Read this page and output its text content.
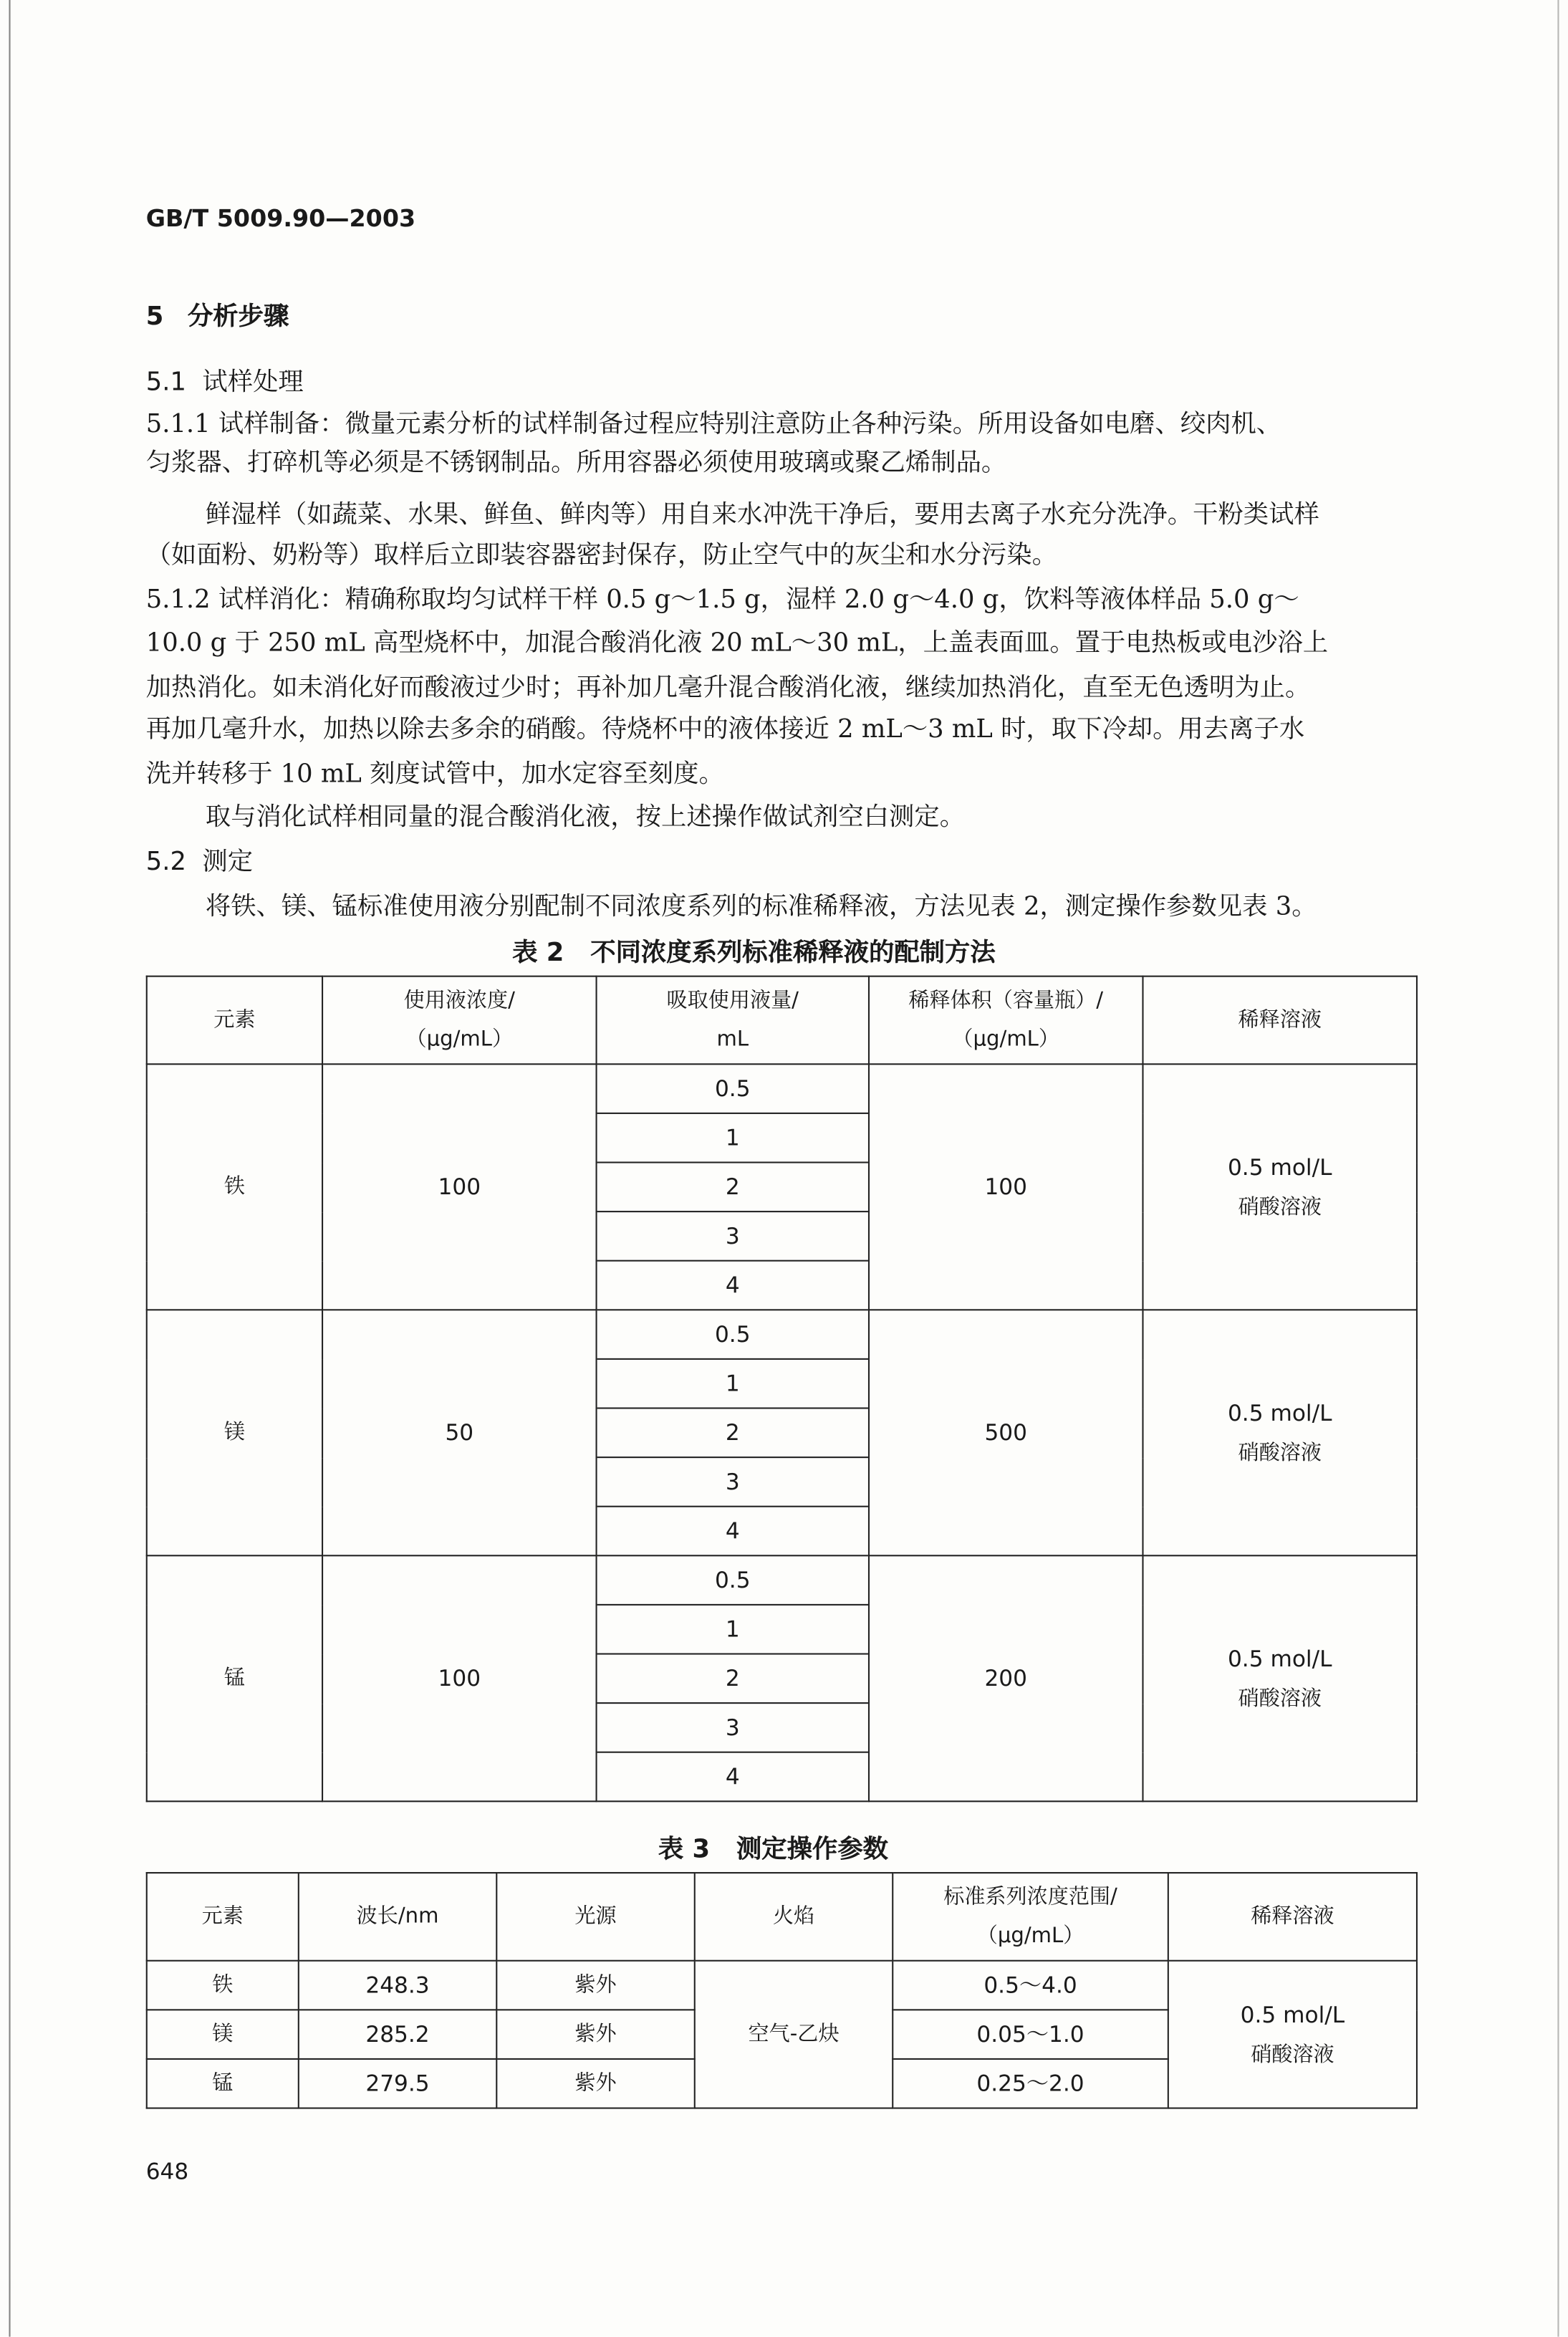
GB/T 5009.90—2003
5 分析步骤
5.1  试样处理
5.1.1 试样制备：微量元素分析的试样制备过程应特别注意防止各种污染。所用设备如电磨、绞肉机、
匀浆器、打碎机等必须是不锈钢制品。所用容器必须使用玻璃或聚乙烯制品。
鲜湿样（如蔬菜、水果、鲜鱼、鲜肉等）用自来水冲洗干净后，要用去离子水充分洗净。干粉类试样
（如面粉、奶粉等）取样后立即装容器密封保存，防止空气中的灰尘和水分污染。
5.1.2 试样消化：精确称取均匀试样干样 0.5 g～1.5 g，湿样 2.0 g～4.0 g，饮料等液体样品 5.0 g～
10.0 g 于 250 mL 高型烧杯中，加混合酸消化液 20 mL～30 mL，上盖表面皿。置于电热板或电沙浴上
加热消化。如未消化好而酸液过少时；再补加几毫升混合酸消化液，继续加热消化，直至无色透明为止。
再加几毫升水，加热以除去多余的硝酸。待烧杯中的液体接近 2 mL～3 mL 时，取下冷却。用去离子水
洗并转移于 10 mL 刻度试管中，加水定容至刻度。
取与消化试样相同量的混合酸消化液，按上述操作做试剂空白测定。
5.2  测定
将铁、镁、锰标准使用液分别配制不同浓度系列的标准稀释液，方法见表 2，测定操作参数见表 3。
表 2   不同浓度系列标准稀释液的配制方法
元素	使用液浓度/
（μg/mL）	吸取使用液量/
mL	稀释体积（容量瓶）/
（μg/mL）	稀释溶液
铁	100	0.5	100	0.5 mol/L
硝酸溶液
		1		
		2		
		3		
		4		
镁	50	0.5	500	0.5 mol/L
硝酸溶液
		1		
		2		
		3		
		4		
锰	100	0.5	200	0.5 mol/L
硝酸溶液
		1		
		2		
		3		
		4		
表 3   测定操作参数
元素	波长/nm	光源	火焰	标准系列浓度范围/
（μg/mL）	稀释溶液
铁	248.3	紫外	空气-乙炔	0.5～4.0	0.5 mol/L
硝酸溶液
镁	285.2	紫外		0.05～1.0	
锰	279.5	紫外		0.25～2.0	
648
